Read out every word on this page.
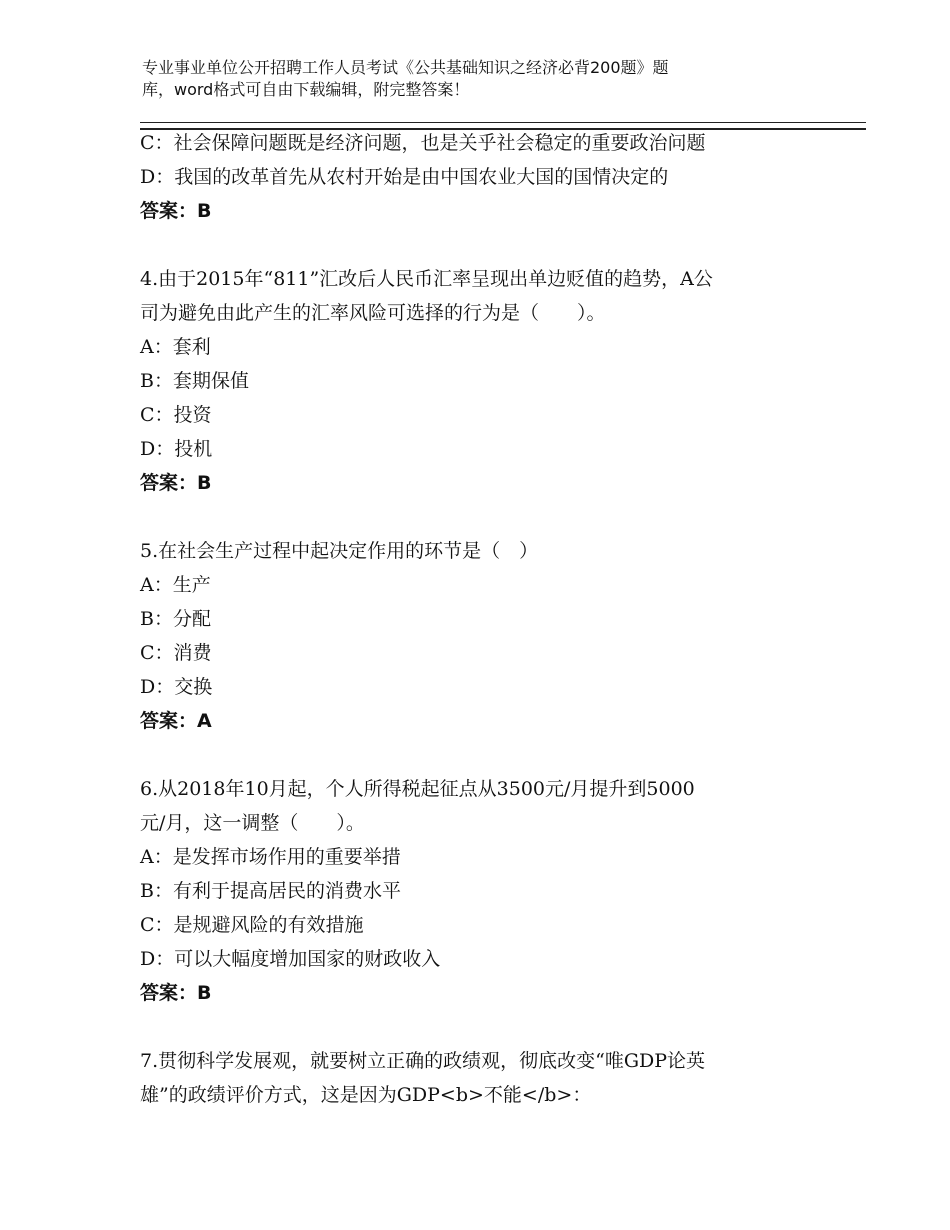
专业事业单位公开招聘工作人员考试《公共基础知识之经济必背200题》题
库，word格式可自由下载编辑，附完整答案！
C：社会保障问题既是经济问题，也是关乎社会稳定的重要政治问题
D：我国的改革首先从农村开始是由中国农业大国的国情决定的
答案：B
4.由于2015年“811”汇改后人民币汇率呈现出单边贬值的趋势，A公
司为避免由此产生的汇率风险可选择的行为是（　　）。
A：套利
B：套期保值
C：投资
D：投机
答案：B
5.在社会生产过程中起决定作用的环节是（　）
A：生产
B：分配
C：消费
D：交换
答案：A
6.从2018年10月起，个人所得税起征点从3500元/月提升到5000
元/月，这一调整（　　）。
A：是发挥市场作用的重要举措
B：有利于提高居民的消费水平
C：是规避风险的有效措施
D：可以大幅度增加国家的财政收入
答案：B
7.贯彻科学发展观，就要树立正确的政绩观，彻底改变“唯GDP论英
雄”的政绩评价方式，这是因为GDP<b>不能</b>：
